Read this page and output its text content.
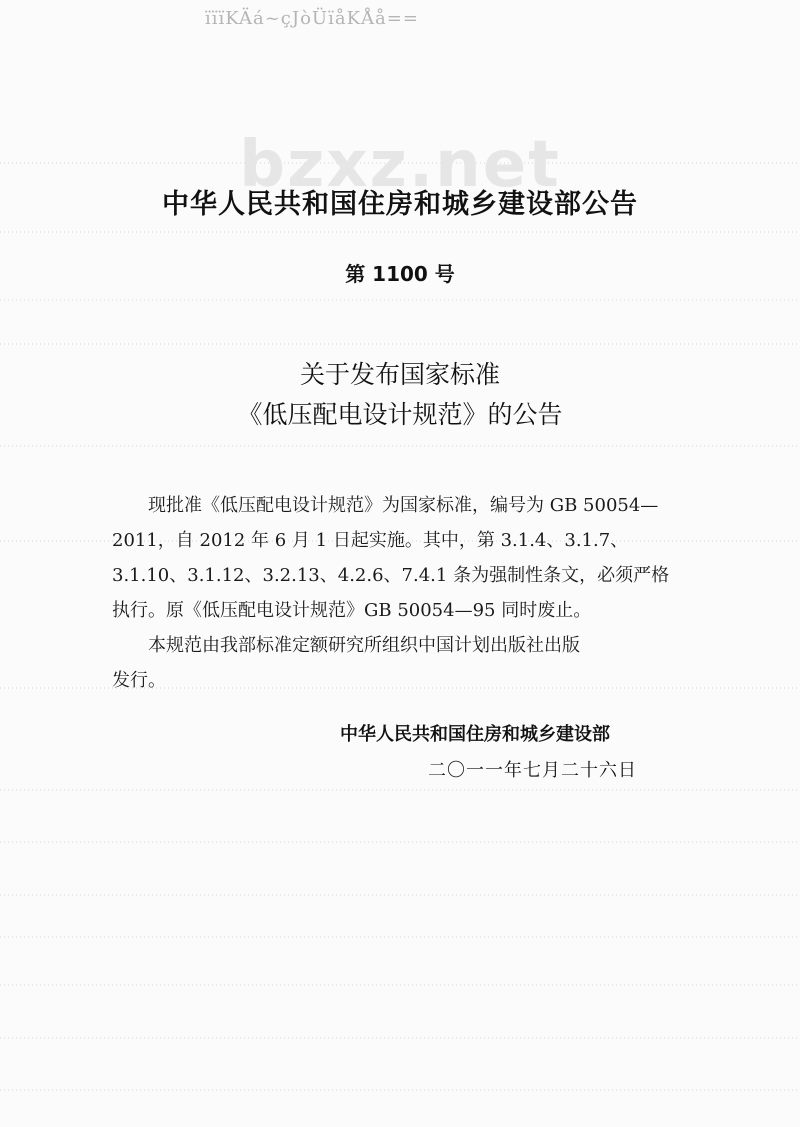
ïïïKÄá~çJòÜïåKÅå==
bzxz.net
中华人民共和国住房和城乡建设部公告
第 1100 号
关于发布国家标准
《低压配电设计规范》的公告
　　现批准《低压配电设计规范》为国家标准，编号为 GB 50054—
2011，自 2012 年 6 月 1 日起实施。其中，第 3.1.4、3.1.7、
3.1.10、3.1.12、3.2.13、4.2.6、7.4.1 条为强制性条文，必须严格
执行。原《低压配电设计规范》GB 50054—95 同时废止。
　　本规范由我部标准定额研究所组织中国计划出版社出版
发行。
中华人民共和国住房和城乡建设部
二〇一一年七月二十六日
